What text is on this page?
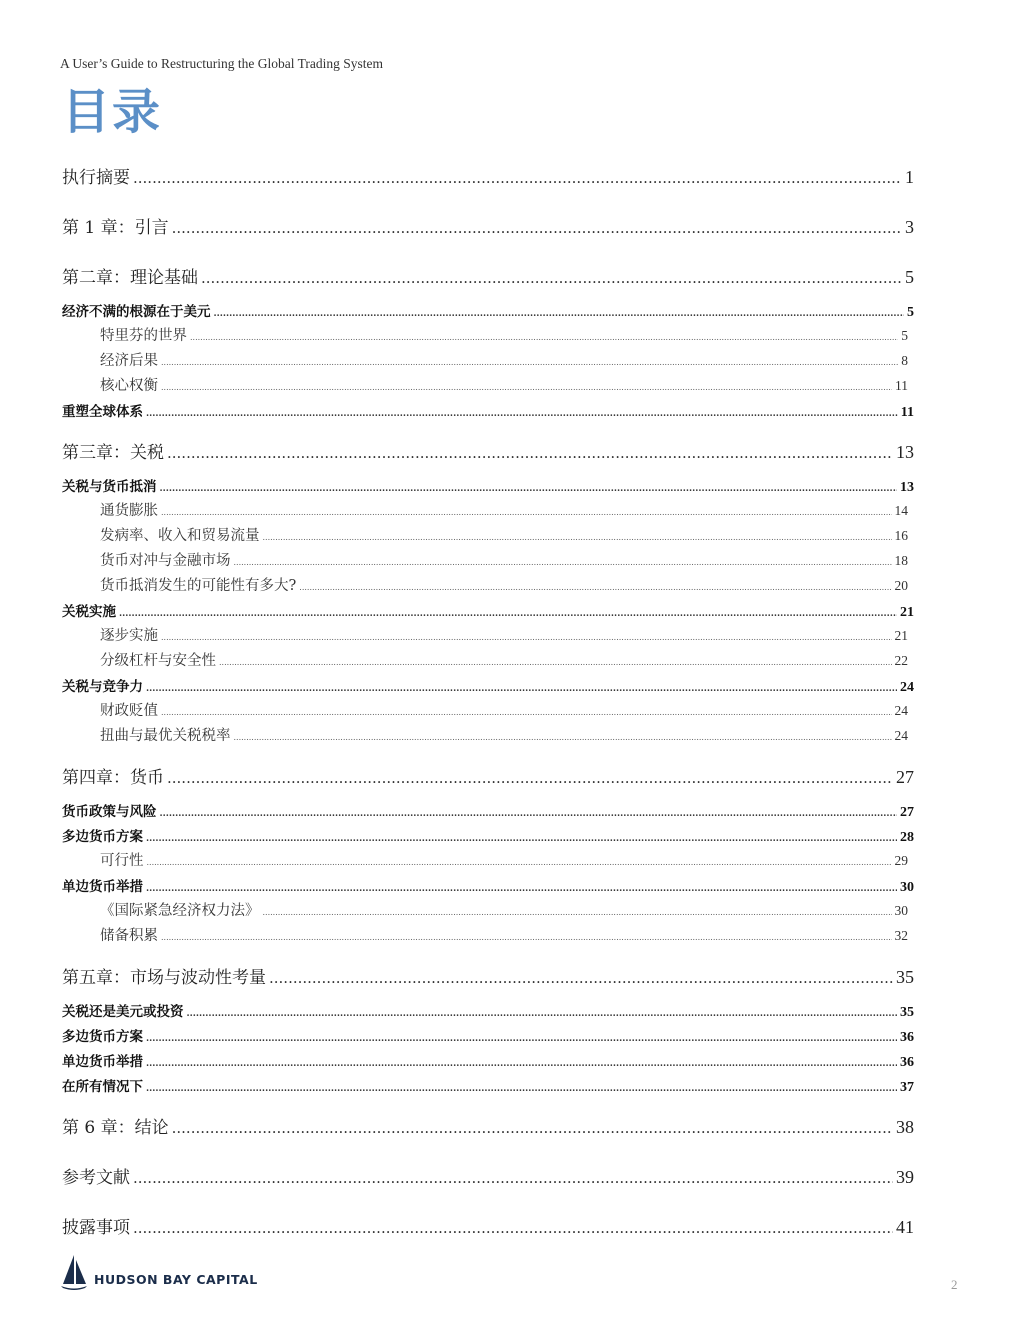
A User’s Guide to Restructuring the Global Trading System
目录
执行摘要 .....	1
第 1 章：引言 .....	3
第二章：理论基础 .....	5
经济不满的根源在于美元 .....	5
特里芬的世界 .....	5
经济后果 .....	8
核心权衡 .....	11
重塑全球体系 .....	11
第三章：关税 .....	13
关税与货币抵消 .....	13
通货膨胀 .....	14
发病率、收入和贸易流量 .....	16
货币对冲与金融市场 .....	18
货币抵消发生的可能性有多大? .....	20
关税实施 .....	21
逐步实施 .....	21
分级杠杆与安全性 .....	22
关税与竞争力 .....	24
财政贬值 .....	24
扭曲与最优关税税率 .....	24
第四章：货币 .....	27
货币政策与风险 .....	27
多边货币方案 .....	28
可行性 .....	29
单边货币举措 .....	30
《国际紧急经济权力法》 .....	30
储备积累 .....	32
第五章：市场与波动性考量 .....	35
关税还是美元或投资 .....	35
多边货币方案 .....	36
单边货币举措 .....	36
在所有情况下 .....	37
第 6 章：结论 .....	38
参考文献 .....	39
披露事项 .....	41
HUDSON BAY CAPITAL	2
